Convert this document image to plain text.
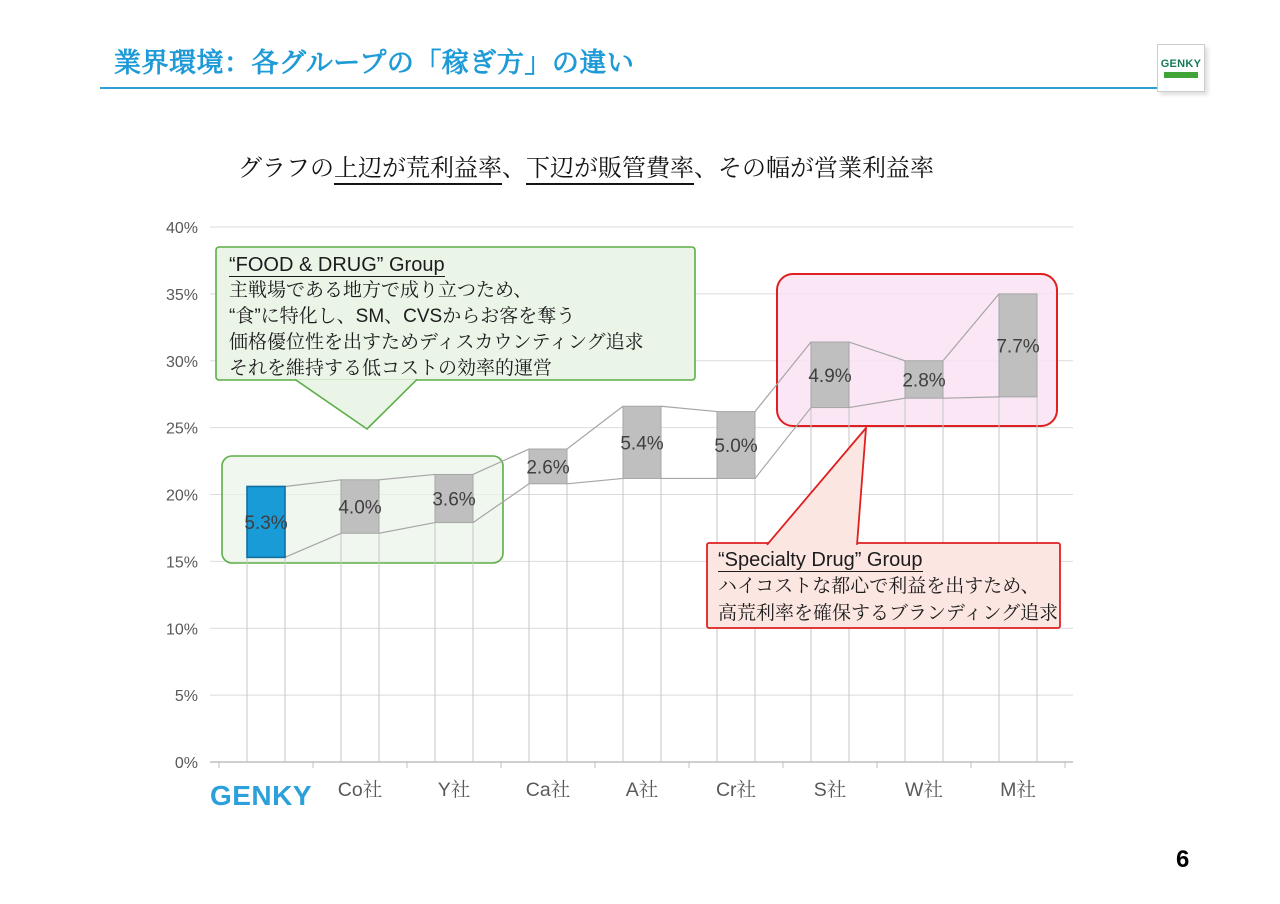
業界環境：各グループの「稼ぎ方」の違い	GENKY
グラフの上辺が荒利益率、下辺が販管費率、その幅が営業利益率
0%
5%
10%
15%
20%
25%
30%
35%
40%
5.3%
4.0%	3.6%
2.6%
5.4%	5.0%
4.9%	2.8%
7.7%
GENKY Co社	Y社	Ca社	A社	Cr社	S社	W社	M社
“FOOD & DRUG” Group
主戦場である地方で成り立つため、
“食”に特化し、SM、CVSからお客を奪う
価格優位性を出すためディスカウンティング追求
それを維持する低コストの効率的運営
“Specialty Drug” Group
ハイコストな都心で利益を出すため、
高荒利率を確保するブランディング追求
6
